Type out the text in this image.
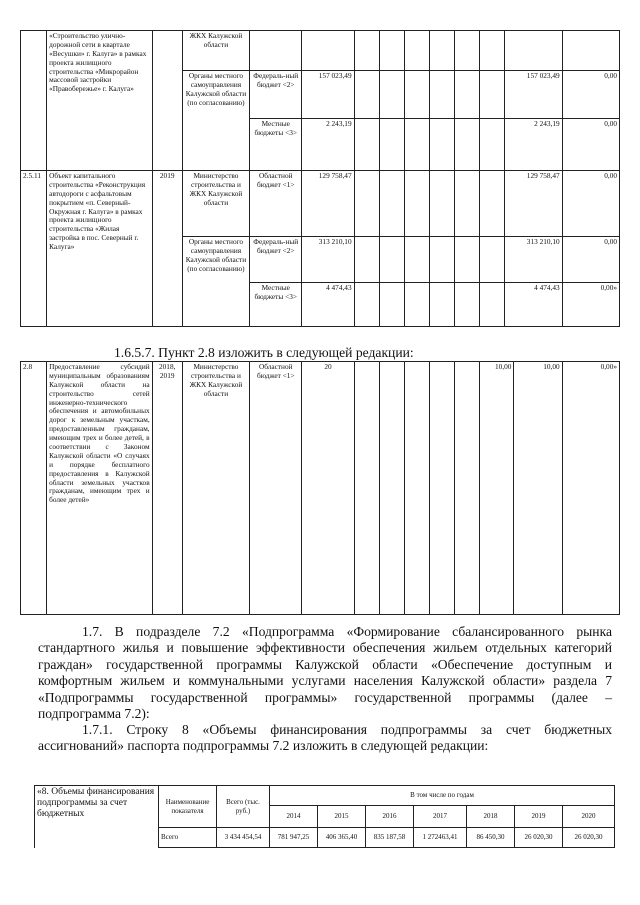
	«Строительство улично-дорожной сети в квартале «Весушки» г. Калуга» в рамках проекта жилищного строительства «Микрорайон массовой застройки «Правобережье» г. Калуга»		ЖКХ Калужской области										
			Органы местного самоуправления Калужской области (по согласованию)	Федераль-ный бюджет <2>	157 023,49							157 023,49	0,00
				Местные бюджеты <3>	2 243,19							2 243,19	0,00
2.5.11	Объект капитального строительства «Реконструкция автодороги с асфальтовым покрытием «п. Северный-Окружная г. Калуга» в рамках проекта жилищного строительства «Жилая застройка в пос. Северный г. Калуга»	2019	Министерство строительства и ЖКХ Калужской области	Областной бюджет <1>	129 758,47							129 758,47	0,00
			Органы местного самоуправления Калужской области (по согласованию)	Федераль-ный бюджет <2>	313 210,10							313 210,10	0,00
				Местные бюджеты <3>	4 474,43							4 474,43	0,00»
1.6.5.7. Пункт 2.8 изложить в следующей редакции:
2.8	Предоставление субсидий муниципальным образованиям Калужской области на строительство сетей инженерно-технического обеспечения и автомобильных дорог к земельным участкам, предоставленным гражданам, имеющим трех и более детей, в соответствии с Законом Калужской области «О случаях и порядке бесплатного предоставления в Калужской области земельных участков гражданам, имеющим трех и более детей»	2018, 2019	Министерство строительства и ЖКХ Калужской области	Областной бюджет <1>	20						10,00	10,00	0,00»
1.7. В подразделе 7.2 «Подпрограмма «Формирование сбалансированного рынка стандартного жилья и повышение эффективности обеспечения жильем отдельных категорий граждан» государственной программы Калужской области «Обеспечение доступным и комфортным жильем и коммунальными услугами населения Калужской области» раздела 7 «Подпрограммы государственной программы» государственной программы (далее – подпрограмма 7.2):
1.7.1. Строку 8 «Объемы финансирования подпрограммы за счет бюджетных ассигнований» паспорта подпрограммы 7.2 изложить в следующей редакции:
«8. Объемы финансирования подпрограммы за счет бюджетных	Наименование показателя	Всего (тыс. руб.)	В том числе по годам						
			2014	2015	2016	2017	2018	2019	2020
	Всего	3 434 454,54	781 947,25	406 365,40	835 187,58	1 272463,41	86 450,30	26 020,30	26 020,30
